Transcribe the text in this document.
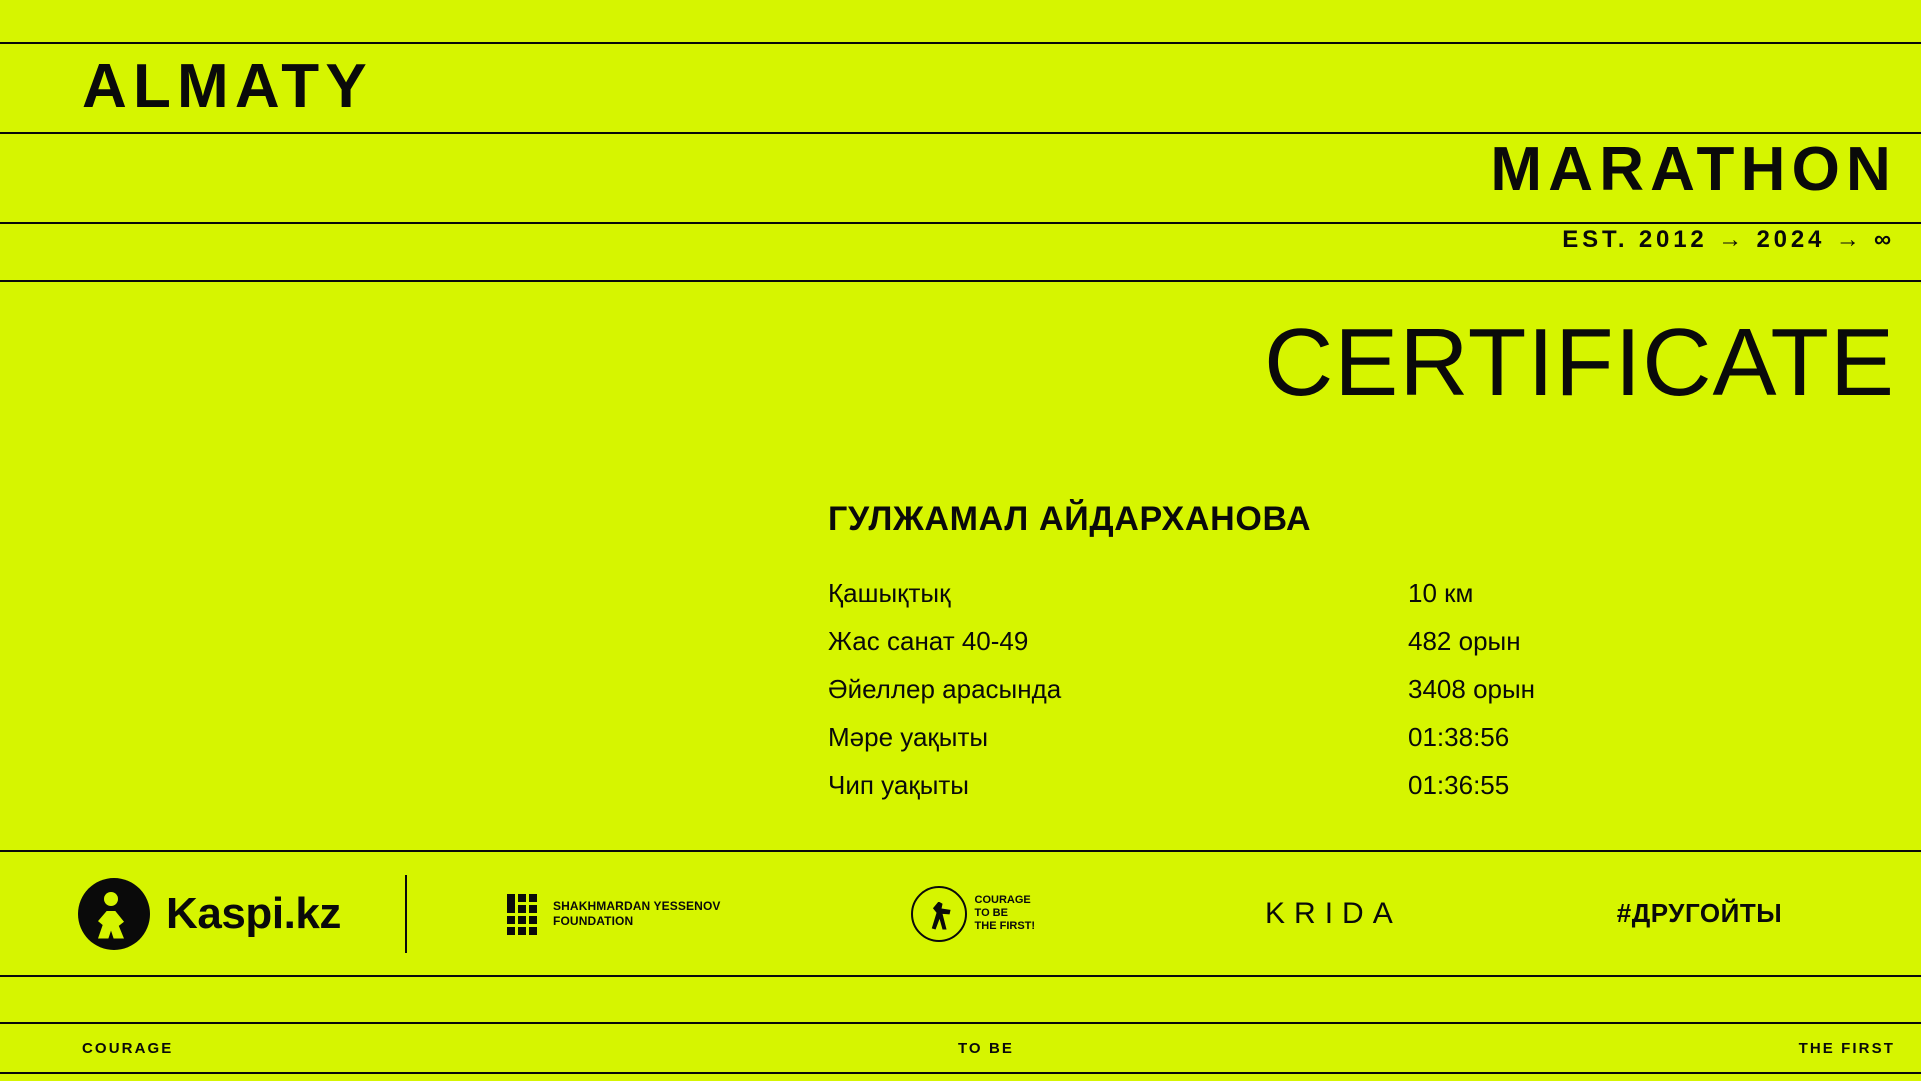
ALMATY
MARATHON
EST. 2012 → 2024 → ∞
CERTIFICATE
ГУЛЖАМАЛ АЙДАРХАНОВА
Қашықтық	10 км
Жас санат 40-49	482 орын
Әйеллер арасында	3408 орын
Мәре уақыты	01:38:56
Чип уақыты	01:36:55
Kaspi.kz	SHAKHMARDAN YESSENOV
FOUNDATION
COURAGE
TO BE
THE FIRST!	KRIDA	#ДРУГОЙТЫ
COURAGE	TO BE	THE FIRST
